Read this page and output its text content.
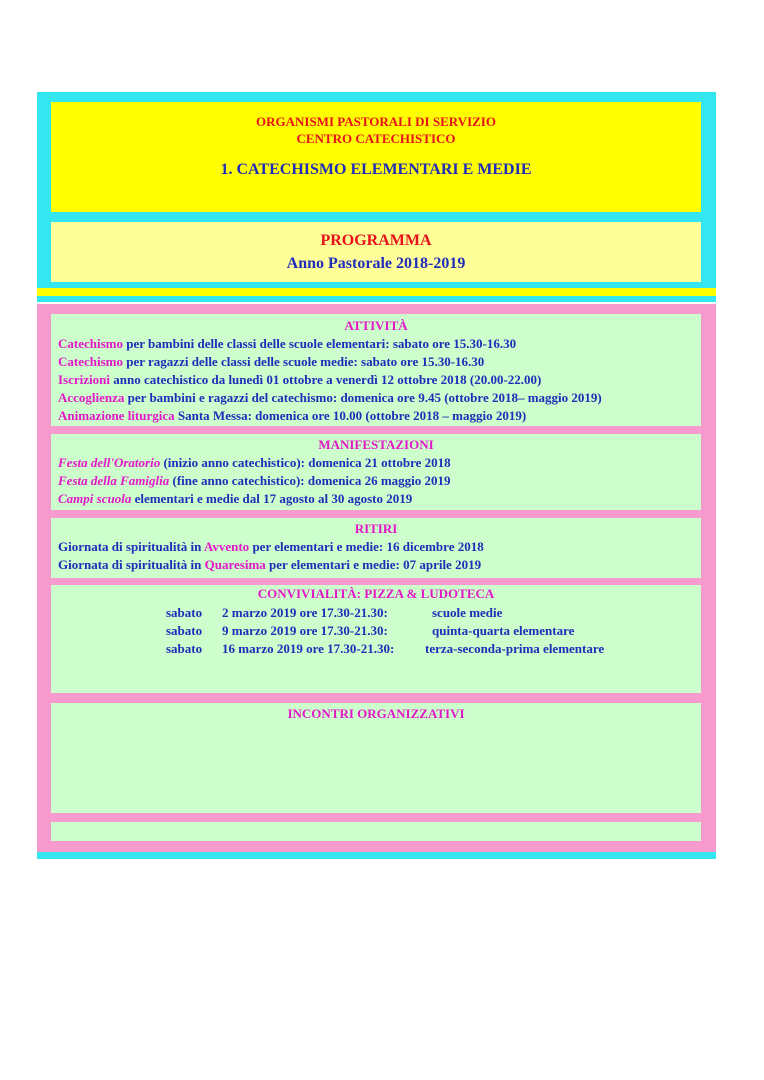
ORGANISMI PASTORALI DI SERVIZIO
CENTRO CATECHISTICO
1. CATECHISMO ELEMENTARI E MEDIE
PROGRAMMA
Anno Pastorale 2018-2019
ATTIVITÀ
Catechismo per bambini delle classi delle scuole elementari: sabato ore 15.30-16.30
Catechismo per ragazzi delle classi delle scuole medie: sabato ore 15.30-16.30
Iscrizioni anno catechistico da lunedì 01 ottobre a venerdì 12 ottobre 2018 (20.00-22.00)
Accoglienza per bambini e ragazzi del catechismo: domenica ore 9.45 (ottobre 2018– maggio 2019)
Animazione liturgica Santa Messa: domenica ore 10.00 (ottobre 2018 – maggio 2019)
MANIFESTAZIONI
Festa dell'Oratorio (inizio anno catechistico): domenica 21 ottobre 2018
Festa della Famiglia (fine anno catechistico): domenica 26 maggio 2019
Campi scuola elementari e medie dal 17 agosto al 30 agosto 2019
RITIRI
Giornata di spiritualità in Avvento per elementari e medie: 16 dicembre 2018
Giornata di spiritualità in Quaresima per elementari e medie: 07 aprile 2019
CONVIVIALITÀ: PIZZA & LUDOTECA
sabato 2 marzo 2019 ore 17.30-21.30:	scuole medie
sabato 9 marzo 2019 ore 17.30-21.30:	quinta-quarta elementare
sabato 16 marzo 2019 ore 17.30-21.30: terza-seconda-prima elementare
INCONTRI ORGANIZZATIVI
